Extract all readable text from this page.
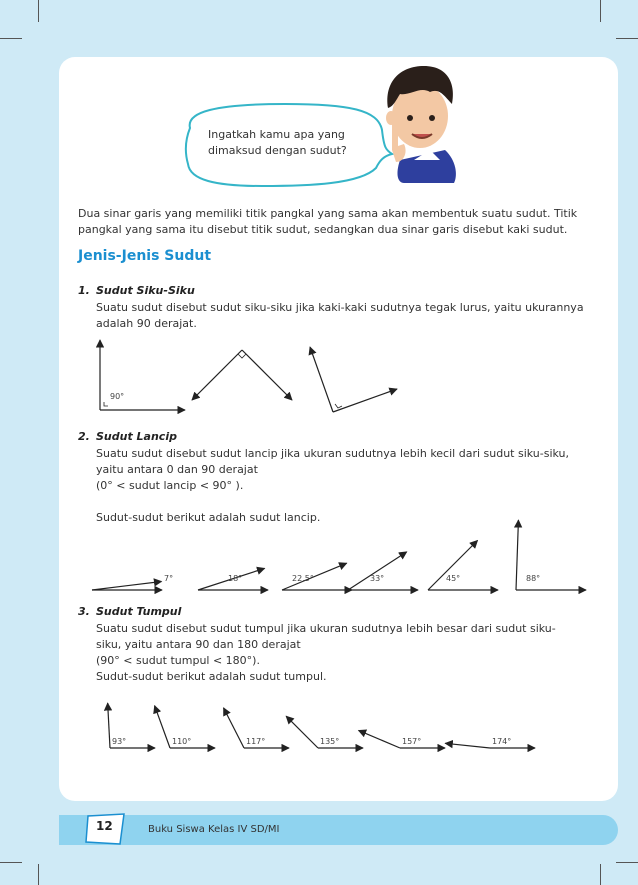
Ingatkah kamu apa yang
dimaksud dengan sudut?
Dua sinar garis yang memiliki titik pangkal yang sama akan membentuk suatu sudut. Titik
pangkal yang sama itu disebut titik sudut, sedangkan dua sinar garis disebut kaki sudut.
Jenis-Jenis Sudut
1. Sudut Siku-Siku
Suatu sudut disebut sudut siku-siku jika kaki-kaki sudutnya tegak lurus, yaitu ukurannya
adalah 90 derajat.
2. Sudut Lancip
Suatu sudut disebut sudut lancip jika ukuran sudutnya lebih kecil dari sudut siku-siku,
yaitu antara 0 dan 90 derajat
(0° < sudut lancip < 90° ).
Sudut-sudut berikut adalah sudut lancip.
3. Sudut Tumpul
Suatu sudut disebut sudut tumpul jika ukuran sudutnya lebih besar dari sudut siku-
siku, yaitu antara 90 dan 180 derajat
(90° < sudut tumpul < 180°).
Sudut-sudut berikut adalah sudut tumpul.
90°
7°	18°	22,5°	33°	45°	88°
93°	110°	117°	135°	157°	174°
12	Buku Siswa Kelas IV SD/MI
